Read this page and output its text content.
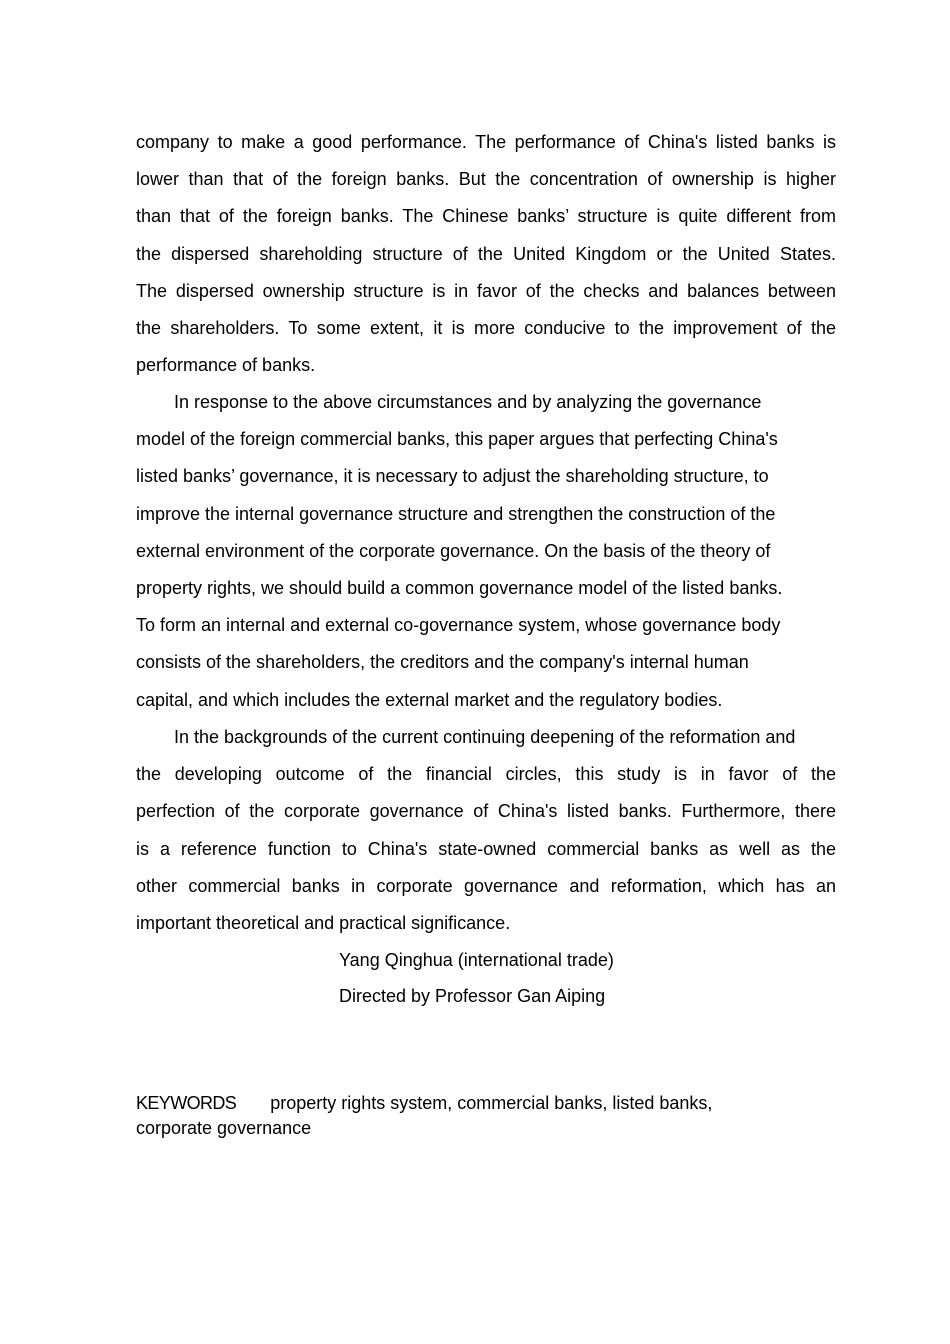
company to make a good performance. The performance of China's listed banks is
lower than that of the foreign banks. But the concentration of ownership is higher
than that of the foreign banks. The Chinese banks’ structure is quite different from
the dispersed shareholding structure of the United Kingdom or the United States.
The dispersed ownership structure is in favor of the checks and balances between
the shareholders. To some extent, it is more conducive to the improvement of the
performance of banks.
In response to the above circumstances and by analyzing the governance
model of the foreign commercial banks, this paper argues that perfecting China's
listed banks’ governance, it is necessary to adjust the shareholding structure, to
improve the internal governance structure and strengthen the construction of the
external environment of the corporate governance. On the basis of the theory of
property rights, we should build a common governance model of the listed banks.
To form an internal and external co-governance system, whose governance body
consists of the shareholders, the creditors and the company's internal human
capital, and which includes the external market and the regulatory bodies.
In the backgrounds of the current continuing deepening of the reformation and
the developing outcome of the financial circles, this study is in favor of the
perfection of the corporate governance of China's listed banks. Furthermore, there
is a reference function to China's state-owned commercial banks as well as the
other commercial banks in corporate governance and reformation, which has an
important theoretical and practical significance.
Yang Qinghua (international trade)
Directed by Professor Gan Aiping
KEYWORDS property rights system, commercial banks, listed banks,
corporate governance
